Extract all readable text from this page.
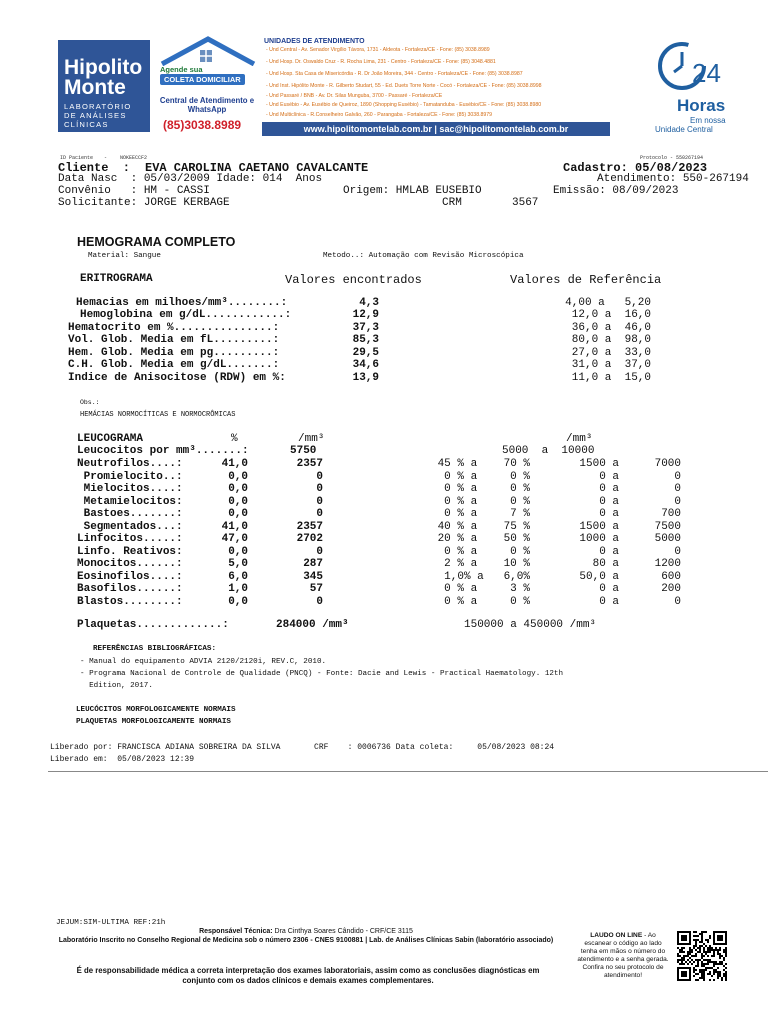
Hipolito
Monte

LABORATÓRIO
DE ANÁLISES
CLÍNICAS

Agende sua
COLETA DOMICILIAR
Central de Atendimento e WhatsApp
(85)3038.8989
UNIDADES DE ATENDIMENTO
- Und Central - Av. Senador Virgílio Távora, 1731 - Aldeota - Fortaleza/CE - Fone: (85) 3038.8989
- Und Hosp. Dr. Oswaldo Cruz - R. Rocha Lima, 231 - Centro - Fortaleza/CE - Fone: (85) 3048.4881
- Und Hosp. Sta Casa de Misericórdia - R. Dr João Moreira, 344 - Centro - Fortaleza/CE - Fone: (85) 3038.8987
- Und Inst. Hipólito Monte - R. Gilberto Studart, 55 - Ed. Duets Torre Norte - Cocó - Fortaleza/CE - Fone: (85) 3038.8998
- Und Passaré / BNB - Av. Dr. Silas Munguba, 3700 - Passaré - Fortaleza/CE
- Und Eusébio - Av. Eusébio de Queiroz, 1890 (Shopping Eusébio) - Tamatanduba - Eusébio/CE - Fone: (85) 3038.8980
- Und Multiclínica - R.Conselheiro Galvão, 260 - Parangaba - Fortaleza/CE - Fone: (85) 3038.8979
www.hipolitomontelab.com.br | sac@hipolitomontelab.com.br
24
Horas
Em nossa
Unidade Central
ID Paciente -	NOKEECCF2	Protocolo - 550267194
Cliente  : EVA CAROLINA CAETANO CAVALCANTE	Cadastro: 05/08/2023
Data Nasc  : 05/03/2009 Idade: 014  Anos	Atendimento: 550-267194
Convênio   : HM - CASSI	Origem: HMLAB EUSEBIO	Emissão: 08/09/2023
Solicitante: JORGE KERBAGE	CRM	3567
HEMOGRAMA COMPLETO
Material: Sangue	Metodo..: Automação com Revisão Microscópica
ERITROGRAMA	Valores encontrados	Valores de Referência
Hemacias em milhoes/mm³........:	4,3	4,00 a   5,20
Hemoglobina em g/dL............:	12,9	12,0 a  16,0
Hematocrito em %...............:	37,3	36,0 a  46,0
Vol. Glob. Media em fL.........:	85,3	80,0 a  98,0
Hem. Glob. Media em pg.........:	29,5	27,0 a  33,0
C.H. Glob. Media em g/dL.......:	34,6	31,0 a  37,0
Indice de Anisocitose (RDW) em %:	13,9	11,0 a  15,0
Obs.:
HEMÁCIAS NORMOCÍTICAS E NORMOCRÔMICAS
LEUCOGRAMA	%	/mm³	/mm³
Leucocitos por mm³.......:	5750	5000  a  10000
Neutrofilos....:	41,0	2357	45 % a    70 %	1500 a	7000
Promielocito..:	0,0	0	0 % a     0 %	0 a	0
Mielocitos....:	0,0	0	0 % a     0 %	0 a	0
Metamielocitos:	0,0	0	0 % a     0 %	0 a	0
Bastoes.......:	0,0	0	0 % a     7 %	0 a	700
Segmentados...:	41,0	2357	40 % a    75 %	1500 a	7500
Linfocitos.....:	47,0	2702	20 % a    50 %	1000 a	5000
Linfo. Reativos:	0,0	0	0 % a     0 %	0 a	0
Monocitos......:	5,0	287	2 % a    10 %	80 a	1200
Eosinofilos....:	6,0	345	1,0% a   6,0%	50,0 a	600
Basofilos......:	1,0	57	0 % a     3 %	0 a	200
Blastos........:	0,0	0	0 % a     0 %	0 a	0
Plaquetas.............:	284000 /mm³	150000 a 450000 /mm³
REFERÊNCIAS BIBLIOGRÁFICAS:
- Manual do equipamento ADVIA 2120/2120i, REV.C, 2010.
- Programa Nacional de Controle de Qualidade (PNCQ) - Fonte: Dacie and Lewis - Practical Haematology. 12th
Edition, 2017.
LEUCÓCITOS MORFOLOGICAMENTE NORMAIS
PLAQUETAS MORFOLOGICAMENTE NORMAIS
Liberado por: FRANCISCA ADIANA SOBREIRA DA SILVA       CRF    : 0006736 Data coleta:     05/08/2023 08:24
Liberado em:  05/08/2023 12:39
JEJUM:SIM-ULTIMA REF:21h
Responsável Técnica: Dra Cinthya Soares Cândido - CRF/CE 3115
Laboratório Inscrito no Conselho Regional de Medicina sob o número 2306 - CNES 9100881 | Lab. de Análises Clínicas Sabin (laboratório associado)
É de responsabilidade médica a correta interpretação dos exames laboratoriais, assim como as conclusões diagnósticas em conjunto com os dados clínicos e demais exames complementares.
LAUDO ON LINE - Ao escanear o código ao lado tenha em mãos o número do atendimento e a senha gerada. Confira no seu protocolo de atendimento!
